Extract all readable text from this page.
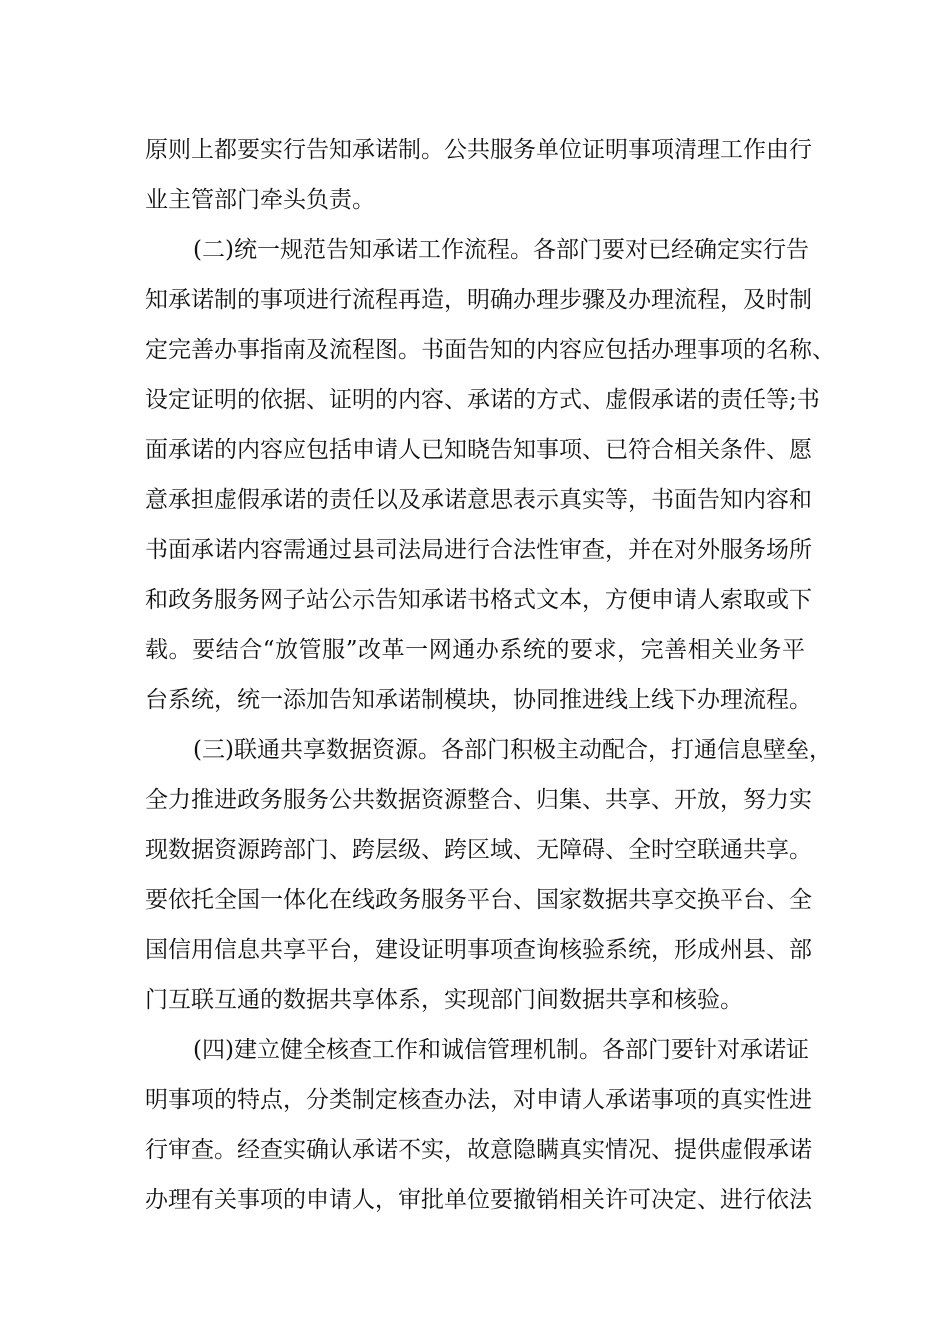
原则上都要实行告知承诺制。公共服务单位证明事项清理工作由行
业主管部门牵头负责。
(二)统一规范告知承诺工作流程。各部门要对已经确定实行告
知承诺制的事项进行流程再造，明确办理步骤及办理流程，及时制
定完善办事指南及流程图。书面告知的内容应包括办理事项的名称、
设定证明的依据、证明的内容、承诺的方式、虚假承诺的责任等;书
面承诺的内容应包括申请人已知晓告知事项、已符合相关条件、愿
意承担虚假承诺的责任以及承诺意思表示真实等，书面告知内容和
书面承诺内容需通过县司法局进行合法性审查，并在对外服务场所
和政务服务网子站公示告知承诺书格式文本，方便申请人索取或下
载。要结合“放管服”改革一网通办系统的要求，完善相关业务平
台系统，统一添加告知承诺制模块，协同推进线上线下办理流程。
(三)联通共享数据资源。各部门积极主动配合，打通信息壁垒，
全力推进政务服务公共数据资源整合、归集、共享、开放，努力实
现数据资源跨部门、跨层级、跨区域、无障碍、全时空联通共享。
要依托全国一体化在线政务服务平台、国家数据共享交换平台、全
国信用信息共享平台，建设证明事项查询核验系统，形成州县、部
门互联互通的数据共享体系，实现部门间数据共享和核验。
(四)建立健全核查工作和诚信管理机制。各部门要针对承诺证
明事项的特点，分类制定核查办法，对申请人承诺事项的真实性进
行审查。经查实确认承诺不实，故意隐瞒真实情况、提供虚假承诺
办理有关事项的申请人，审批单位要撤销相关许可决定、进行依法
